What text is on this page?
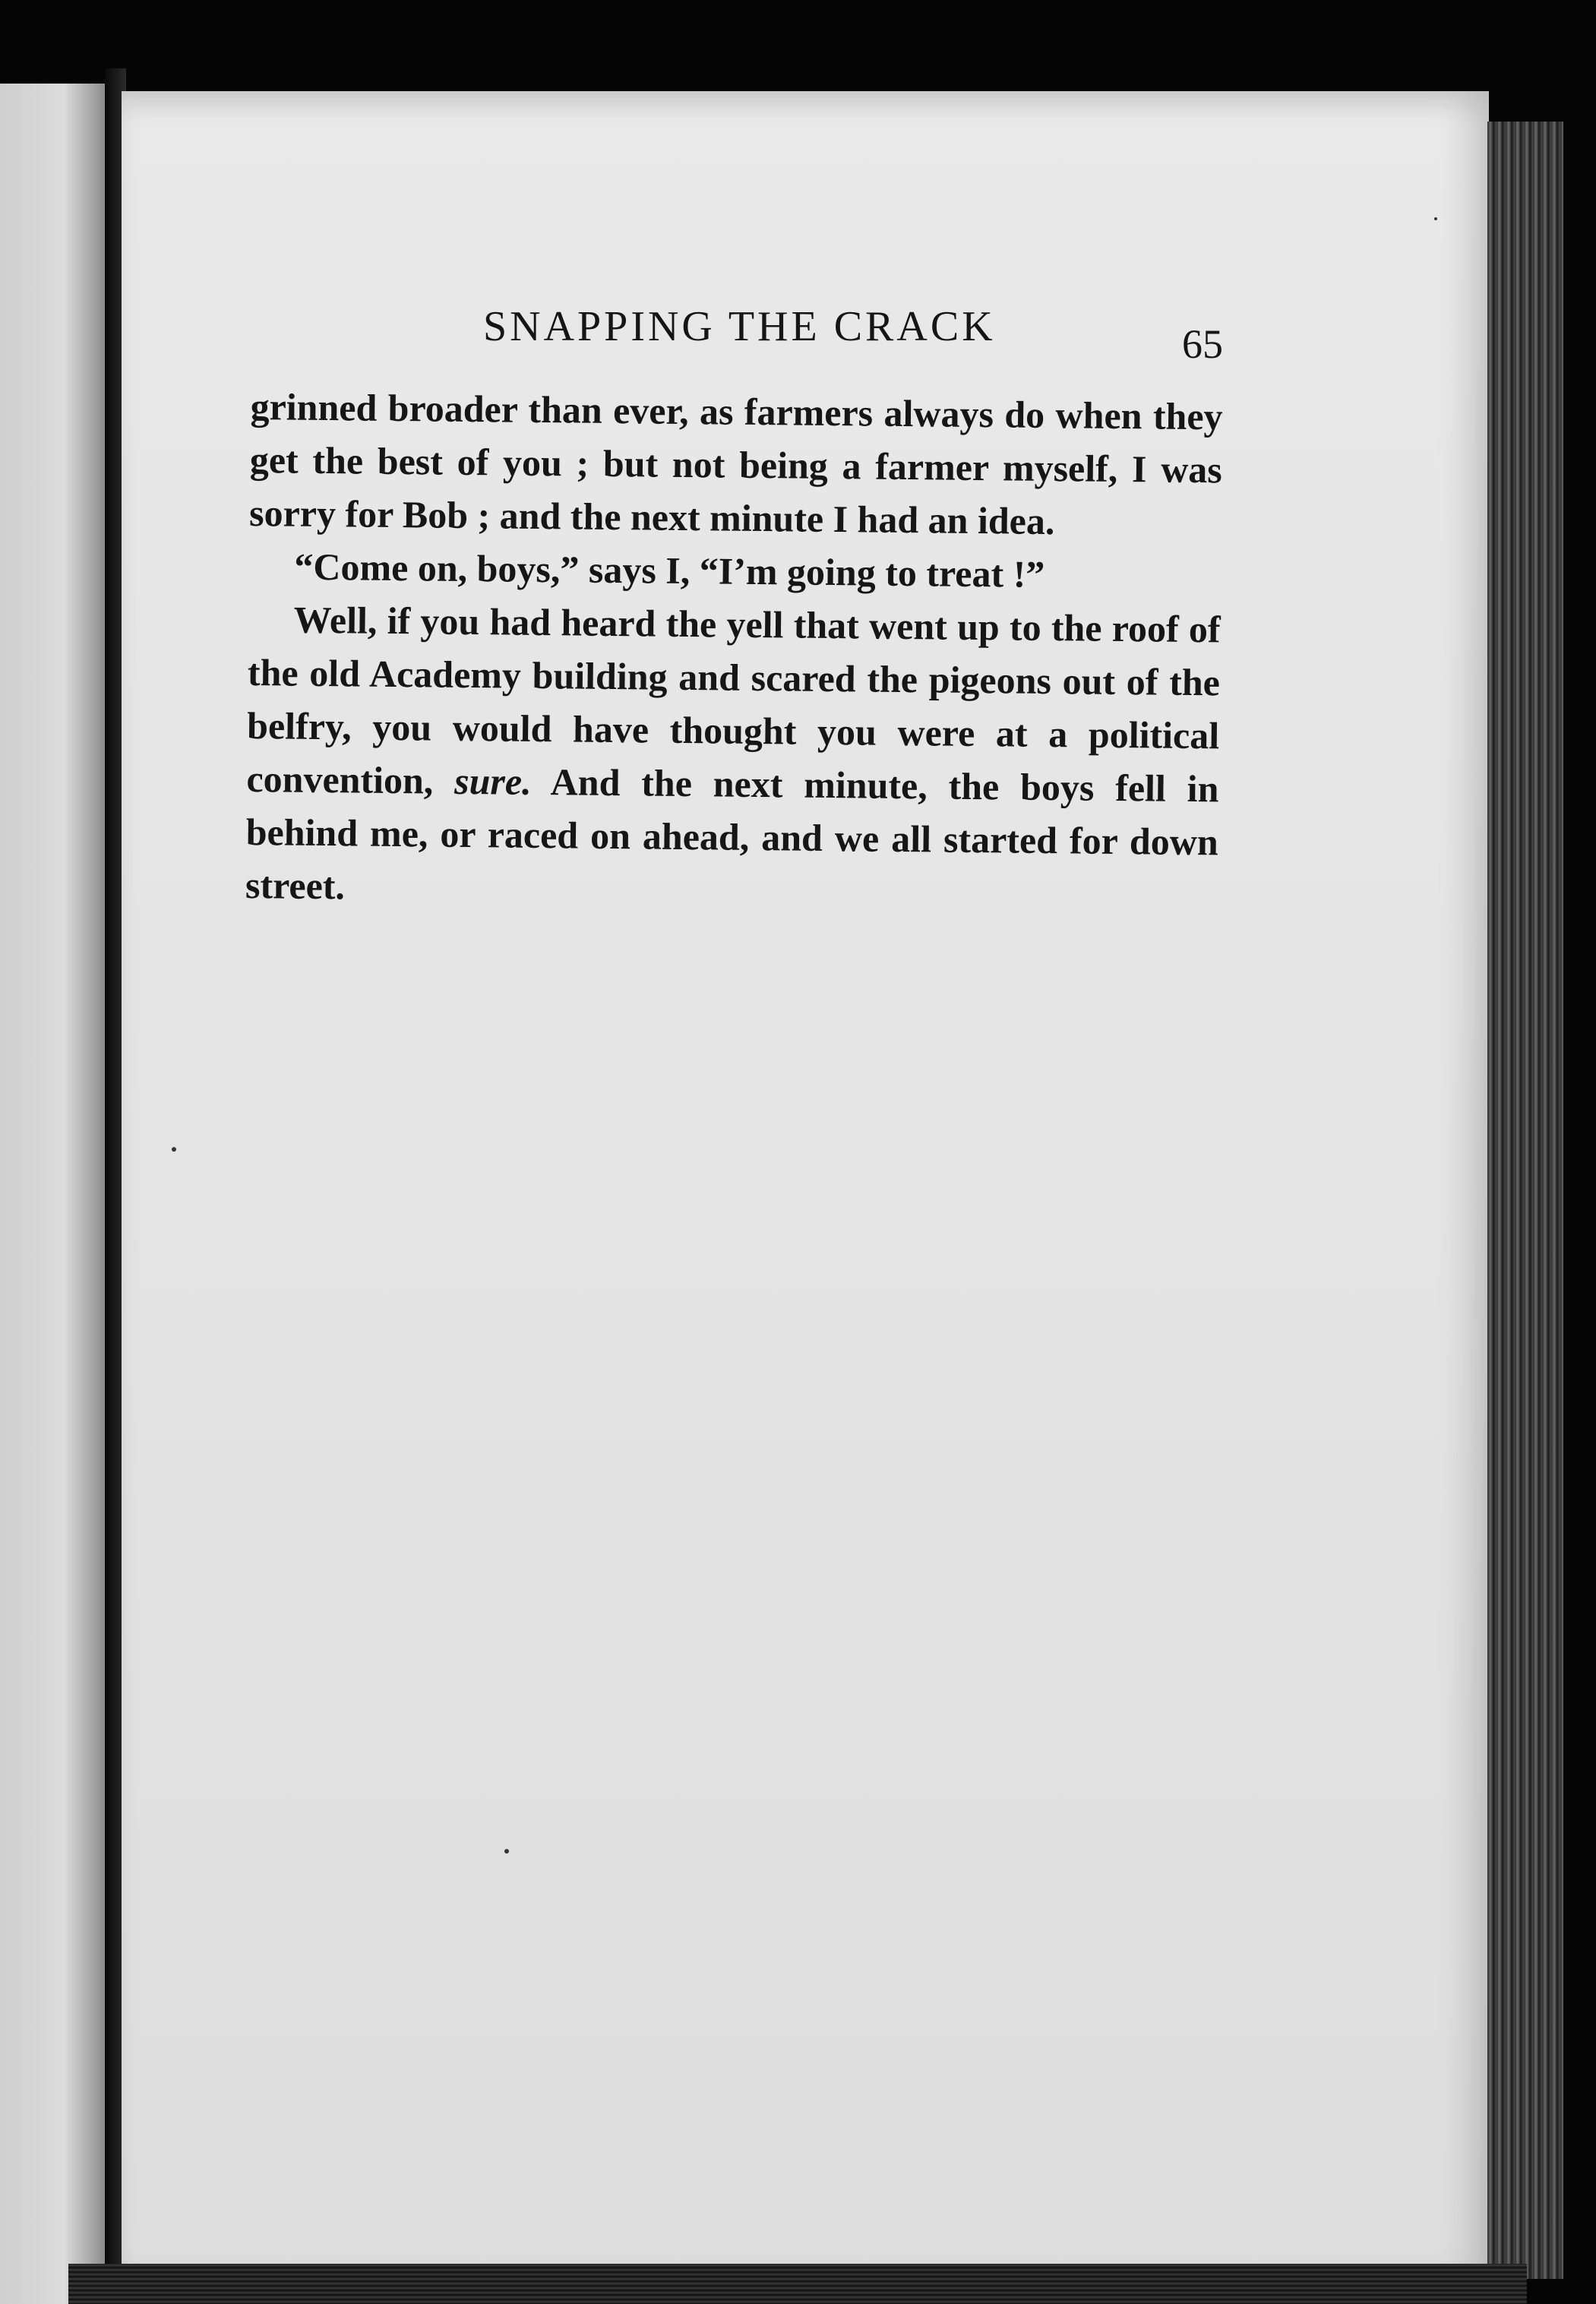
SNAPPING THE CRACK	65

grinned broader than ever, as farmers always do when they get the best of you ; but not being a farmer myself, I was sorry for Bob ; and the next minute I had an idea.

“Come on, boys,” says I, “I’m going to treat !”

Well, if you had heard the yell that went up to the roof of the old Academy building and scared the pigeons out of the belfry, you would have thought you were at a political convention, sure. And the next minute, the boys fell in behind me, or raced on ahead, and we all started for down street.
